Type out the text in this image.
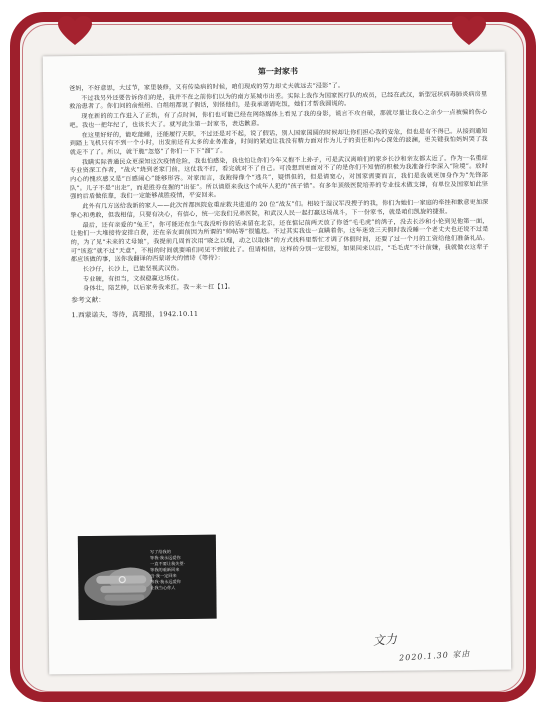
第一封家书
爸妈，不好意思，大过节，家里装修，又有传染病的时候，咱们现成的劳力却丈夫就远去“浸影”了。
不过我另外还要告诉你们的是，我并不在之前你们以为的南方某城市出差。实际上我作为国家医疗队的成员，已经在武汉，新型冠状病毒肺炎病房里救治患者了。你们问的俞组组、白组组都说了假话，别怪他们，是我承诺请吃饭，她们才帮我圆谎的。
现在新的的工作进入了正轨，有了点时间，你们也可能已经在网络媒体上看见了我的身影，谎言不攻自破，那就尽量让我心之余少一点被骗的伤心吧。我也一把年纪了，也该长大了。就写此生第一封家书，表达歉意。
在这里好好的，能吃能睡，还能履行天职，不过还是对不起，说了假话，别人国家国圆的时候却让你们担心我的安危，但也是有不得已。从接到通知到踏上飞机只有不到一个小时，出发前还有太多的业务准备，时间的紧迫让我没有精力面对作为儿子的责任和内心深处的波澜，更关键我怕妈妈哭了我就走不了了。所以，就干脆“忽悠”了你们一下下“溜”了。
我瞒实际普通民众更深知这次疫情危险，我也怕感染，我也怕让你们今年又抱不上孙子，可是武汉离咱们的家乡长沙和亲友都太近了。作为一名重症专业资深工作者，“战火”烧到老家门前，这仗我不打，看完就对不了自己。可没想到更面对不了的是你们不知情的积极为我准备行李深入“险境”。放时内心的愧疚感又是“百感闹心”能够形容。对家而言，我跑得像个“逃兵”，疑惧但的，但是请宽心，对国家需要而言，我们是我就更加身作为“先锋部队”。儿子不是“出走”，而是胜券在握的“出征”。所以请原来我这个成年人犯的“孩子错”。有多年顶级医院培养的专业技术做支撑，有单位及国家如此坚强的后盾做依靠，我们一定能够战胜疫情，平安回来。
此外有几方送给我新的家人——此次首都医院危重症救共进退的 20 位“战友”们。相较于湿汉军没搜子的我，你们为她们一家庭的牵挂和歉意更加深挚心和勇敢，但我相信，只要有决心，有信心，统一完我们兄弟医院，和武汉人民一起打赢这场战斗，下一份家书，就是咱们凯旋的捷报。
最后，还有亲爱的“兔王”，你可能还在生气我没听你的话来留在北京，还在惦记前两天放了你爸“毛毛虎”的鸽子，没去长沙和小伦到见他第一面，让他们一大堆接待安排白费，还在亲友面前因为所谓的“帅帖等”很尴尬。不过其实我也一直瞒着你，这年迷效三天假时我没睡一个老丈夫也还说不过是的，为了见“未来的丈母娘”，我提前几周首次用“晓之以理，动之以取体”的方式找科里帮忙才调了休假时间，还要了过一个月的工资给他们准备礼品。可“该惹”就不过“天意”，不相的时间就要咱们同见不到彼此了。但请相信，这样的分别一定很短，如果回来以后，“毛毛虎”不计前嫌，我就做衣这辈子都应该做的事，送你我翻译的西蒙诺夫的情诗《等待》：
长沙仔，长沙上，已能坚视武汉伤。
专业硬，有担当，文叔稳赢这场仗。
身体壮，陪艺棒，以后家务我来扛，我～来～扛【1】。
参考文献：
1.西蒙诺夫，等待，真理报，1942.10.11
写了给我的
等我·我永远爱你
一直不要让我失望·
等我的重新回来
当·我一定回来
等我·我永远爱你
让我当心你人
文力
2020.1.30 家由
